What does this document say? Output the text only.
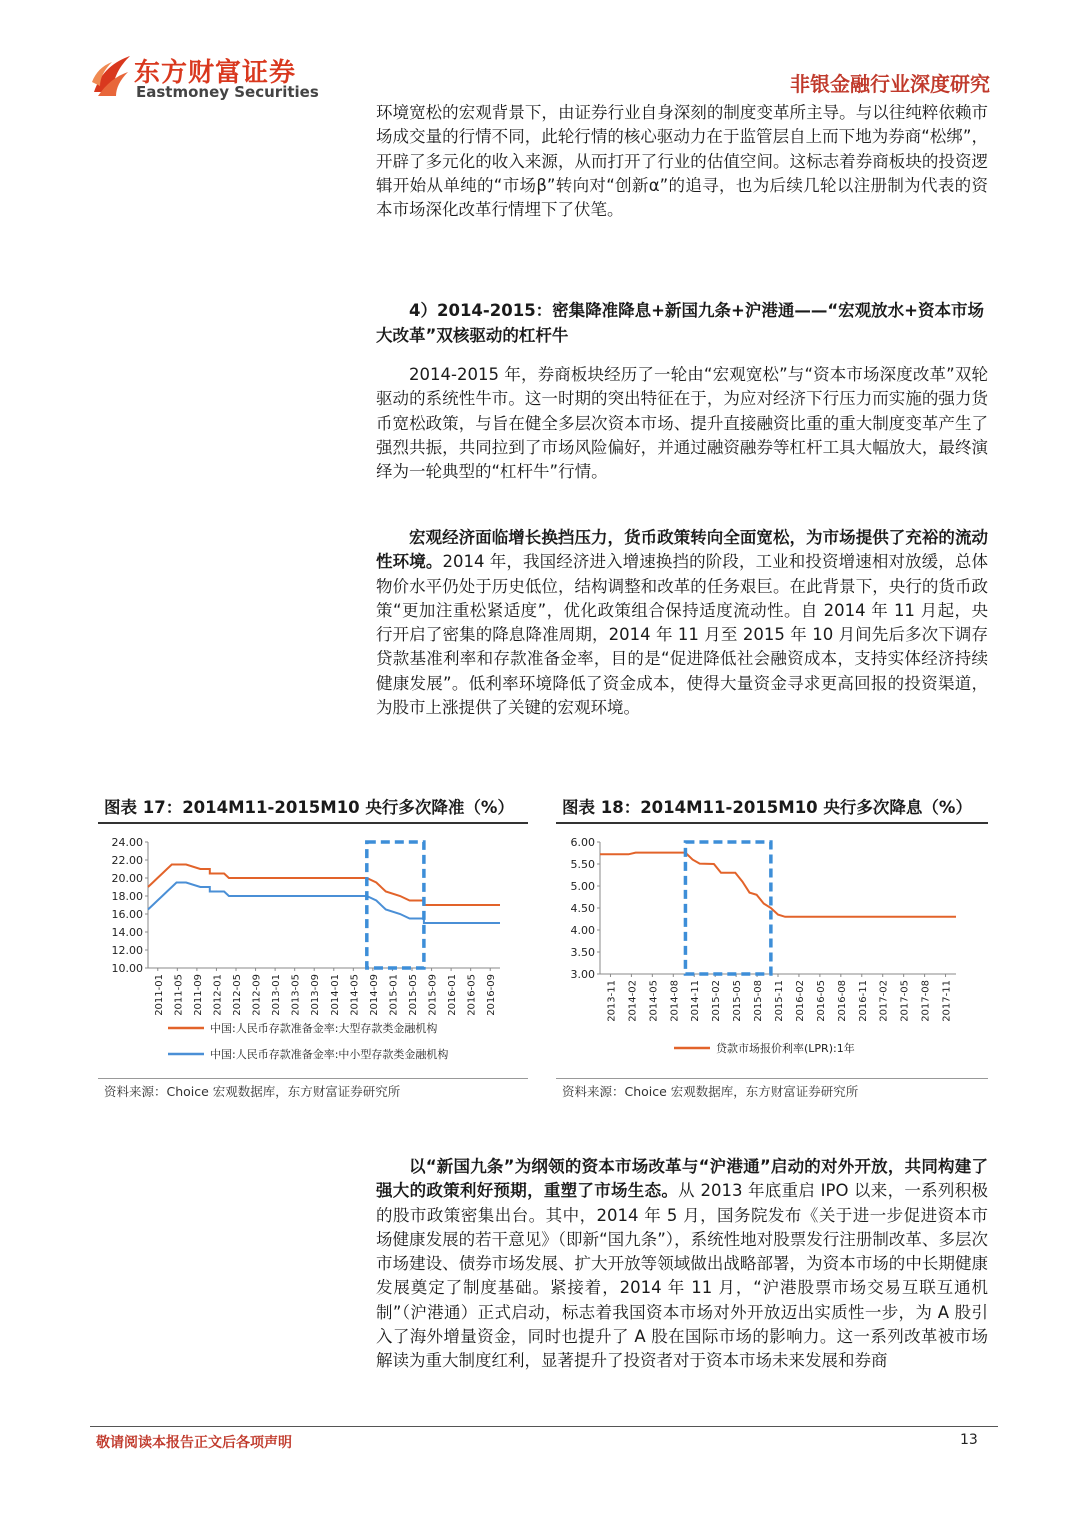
东方财富证券
Eastmoney Securities	非银金融行业深度研究
环境宽松的宏观背景下，由证券行业自身深刻的制度变革所主导。与以往纯粹依赖市场成交量的行情不同，此轮行情的核心驱动力在于监管层自上而下地为券商“松绑”，开辟了多元化的收入来源，从而打开了行业的估值空间。这标志着券商板块的投资逻辑开始从单纯的“市场β”转向对“创新α”的追寻，也为后续几轮以注册制为代表的资本市场深化改革行情埋下了伏笔。
4）2014-2015：密集降准降息+新国九条+沪港通——“宏观放水+资本市场大改革”双核驱动的杠杆牛
2014-2015 年，券商板块经历了一轮由“宏观宽松”与“资本市场深度改革”双轮驱动的系统性牛市。这一时期的突出特征在于，为应对经济下行压力而实施的强力货币宽松政策，与旨在健全多层次资本市场、提升直接融资比重的重大制度变革产生了强烈共振，共同拉到了市场风险偏好，并通过融资融券等杠杆工具大幅放大，最终演绎为一轮典型的“杠杆牛”行情。
宏观经济面临增长换挡压力，货币政策转向全面宽松，为市场提供了充裕的流动性环境。2014 年，我国经济进入增速换挡的阶段，工业和投资增速相对放缓，总体物价水平仍处于历史低位，结构调整和改革的任务艰巨。在此背景下，央行的货币政策“更加注重松紧适度”，优化政策组合保持适度流动性。自 2014 年 11 月起，央行开启了密集的降息降准周期，2014 年 11 月至 2015 年 10 月间先后多次下调存贷款基准利率和存款准备金率，目的是“促进降低社会融资成本，支持实体经济持续健康发展”。低利率环境降低了资金成本，使得大量资金寻求更高回报的投资渠道，为股市上涨提供了关键的宏观环境。
图表 17：2014M11-2015M10 央行多次降准（%）
24.00
22.00
20.00
18.00
16.00
14.00
12.00
10.00
2011-01 2011-05 2011-09 2012-01 2012-05 2012-09 2013-01 2013-05 2013-09 2014-01 2014-05 2014-09 2015-01 2015-05 2015-09 2016-01 2016-05 2016-09
中国:人民币存款准备金率:大型存款类金融机构
中国:人民币存款准备金率:中小型存款类金融机构
资料来源：Choice 宏观数据库，东方财富证券研究所
图表 18：2014M11-2015M10 央行多次降息（%）
6.00
5.50
5.00
4.50
4.00
3.50
3.00
2013-11 2014-02 2014-05 2014-08 2014-11 2015-02 2015-05 2015-08 2015-11 2016-02 2016-05 2016-08 2016-11 2017-02 2017-05 2017-08 2017-11
贷款市场报价利率(LPR):1年
资料来源：Choice 宏观数据库，东方财富证券研究所
以“新国九条”为纲领的资本市场改革与“沪港通”启动的对外开放，共同构建了强大的政策利好预期，重塑了市场生态。从 2013 年底重启 IPO 以来，一系列积极的股市政策密集出台。其中，2014 年 5 月，国务院发布《关于进一步促进资本市场健康发展的若干意见》（即新“国九条”），系统性地对股票发行注册制改革、多层次市场建设、债券市场发展、扩大开放等领域做出战略部署，为资本市场的中长期健康发展奠定了制度基础。紧接着，2014 年 11 月，“沪港股票市场交易互联互通机制”（沪港通）正式启动，标志着我国资本市场对外开放迈出实质性一步，为 A 股引入了海外增量资金，同时也提升了 A 股在国际市场的影响力。这一系列改革被市场解读为重大制度红利，显著提升了投资者对于资本市场未来发展和券商
敬请阅读本报告正文后各项声明	13
